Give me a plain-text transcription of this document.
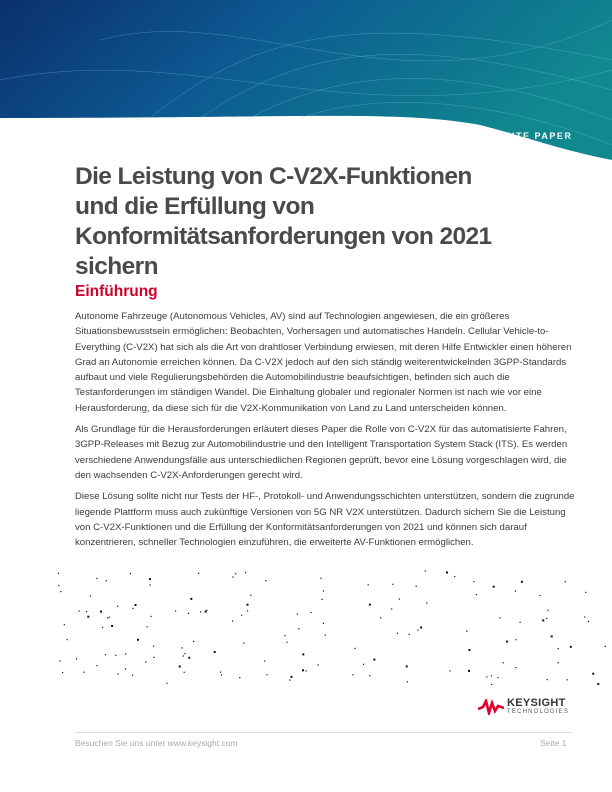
WHITE PAPER
Die Leistung von C-V2X-Funktionen
und die Erfüllung von
Konformitätsanforderungen von 2021 sichern
Einführung

Autonome Fahrzeuge (Autonomous Vehicles, AV) sind auf Technologien angewiesen, die ein größeres Situationsbewusstsein ermöglichen: Beobachten, Vorhersagen und automatisches Handeln. Cellular Vehicle-to-Everything (C-V2X) hat sich als die Art von drahtloser Verbindung erwiesen, mit deren Hilfe Entwickler einen höheren Grad an Autonomie erreichen können. Da C-V2X jedoch auf den sich ständig weiterentwickelnden 3GPP-Standards aufbaut und viele Regulierungsbehörden die Automobilindustrie beaufsichtigen, befinden sich auch die Testanforderungen im ständigen Wandel. Die Einhaltung globaler und regionaler Normen ist nach wie vor eine Herausforderung, da diese sich für die V2X-Kommunikation von Land zu Land unterscheiden können.

Als Grundlage für die Herausforderungen erläutert dieses Paper die Rolle von C-V2X für das automatisierte Fahren, 3GPP-Releases mit Bezug zur Automobilindustrie und den Intelligent Transportation System Stack (ITS). Es werden verschiedene Anwendungsfälle aus unterschiedlichen Regionen geprüft, bevor eine Lösung vorgeschlagen wird, die den wachsenden C-V2X-Anforderungen gerecht wird.

Diese Lösung sollte nicht nur Tests der HF-, Protokoll- und Anwendungsschichten unterstützen, sondern die zugrunde liegende Plattform muss auch zukünftige Versionen von 5G NR V2X unterstützen. Dadurch sichern Sie die Leistung von C-V2X-Funktionen und die Erfüllung der Konformitätsanforderungen von 2021 und können sich darauf konzentrieren, schneller Technologien einzuführen, die erweiterte AV-Funktionen ermöglichen.

KEYSIGHT
TECHNOLOGIES
Besuchen Sie uns unter www.keysight.com	Seite 1
